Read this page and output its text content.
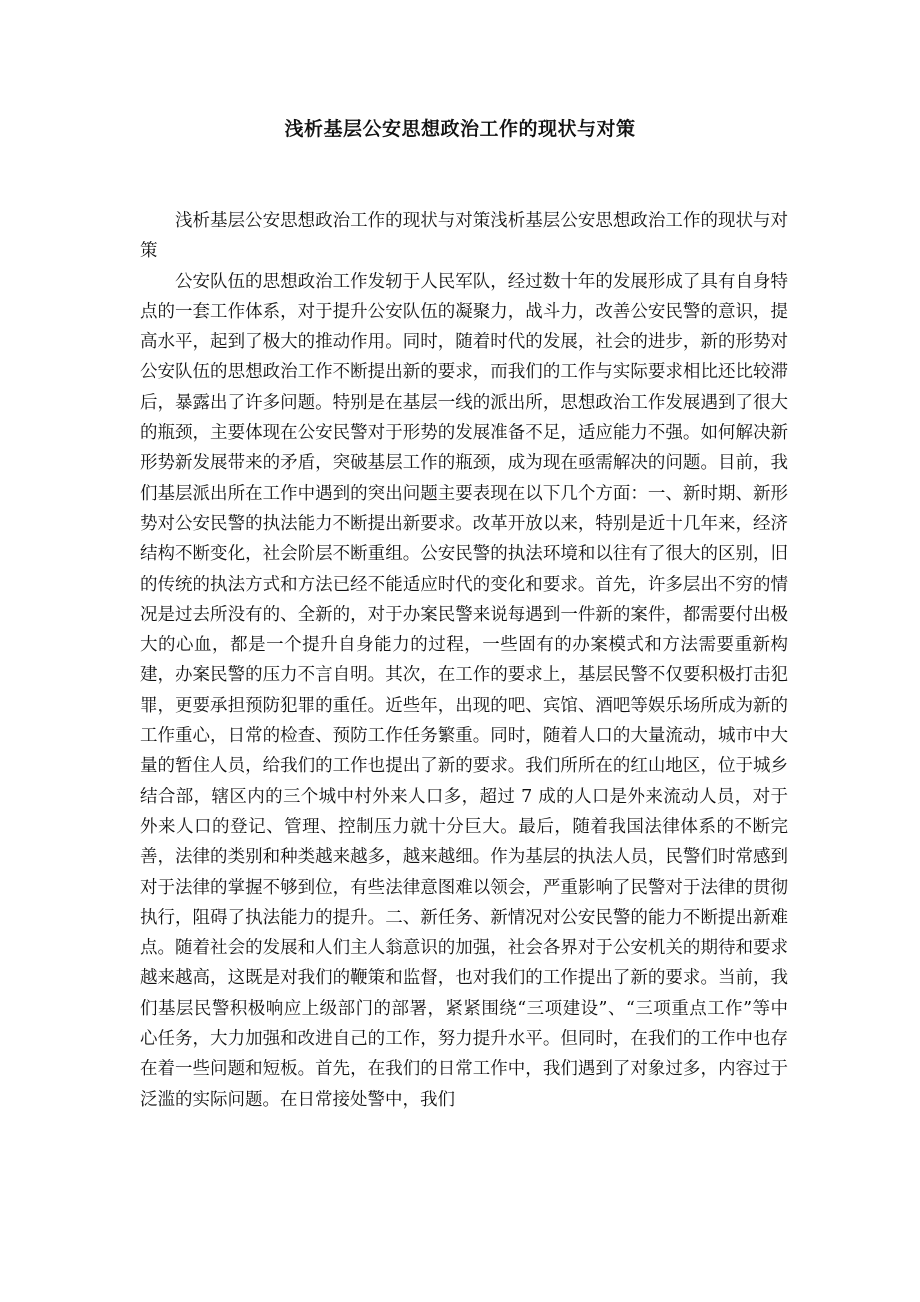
浅析基层公安思想政治工作的现状与对策

浅析基层公安思想政治工作的现状与对策浅析基层公安思想政治工作的现状与对策

公安队伍的思想政治工作发轫于人民军队，经过数十年的发展形成了具有自身特点的一套工作体系，对于提升公安队伍的凝聚力，战斗力，改善公安民警的意识，提高水平，起到了极大的推动作用。同时，随着时代的发展，社会的进步，新的形势对公安队伍的思想政治工作不断提出新的要求，而我们的工作与实际要求相比还比较滞后，暴露出了许多问题。特别是在基层一线的派出所，思想政治工作发展遇到了很大的瓶颈，主要体现在公安民警对于形势的发展准备不足，适应能力不强。如何解决新形势新发展带来的矛盾，突破基层工作的瓶颈，成为现在亟需解决的问题。目前，我们基层派出所在工作中遇到的突出问题主要表现在以下几个方面：一、新时期、新形势对公安民警的执法能力不断提出新要求。改革开放以来，特别是近十几年来，经济结构不断变化，社会阶层不断重组。公安民警的执法环境和以往有了很大的区别，旧的传统的执法方式和方法已经不能适应时代的变化和要求。首先，许多层出不穷的情况是过去所没有的、全新的，对于办案民警来说每遇到一件新的案件，都需要付出极大的心血，都是一个提升自身能力的过程，一些固有的办案模式和方法需要重新构建，办案民警的压力不言自明。其次，在工作的要求上，基层民警不仅要积极打击犯罪，更要承担预防犯罪的重任。近些年，出现的吧、宾馆、酒吧等娱乐场所成为新的工作重心，日常的检查、预防工作任务繁重。同时，随着人口的大量流动，城市中大量的暂住人员，给我们的工作也提出了新的要求。我们所所在的红山地区，位于城乡结合部，辖区内的三个城中村外来人口多，超过 7 成的人口是外来流动人员，对于外来人口的登记、管理、控制压力就十分巨大。最后，随着我国法律体系的不断完善，法律的类别和种类越来越多，越来越细。作为基层的执法人员，民警们时常感到对于法律的掌握不够到位，有些法律意图难以领会，严重影响了民警对于法律的贯彻执行，阻碍了执法能力的提升。二、新任务、新情况对公安民警的能力不断提出新难点。随着社会的发展和人们主人翁意识的加强，社会各界对于公安机关的期待和要求越来越高，这既是对我们的鞭策和监督，也对我们的工作提出了新的要求。当前，我们基层民警积极响应上级部门的部署，紧紧围绕“三项建设”、“三项重点工作”等中心任务，大力加强和改进自己的工作，努力提升水平。但同时，在我们的工作中也存在着一些问题和短板。首先，在我们的日常工作中，我们遇到了对象过多，内容过于泛滥的实际问题。在日常接处警中，我们
